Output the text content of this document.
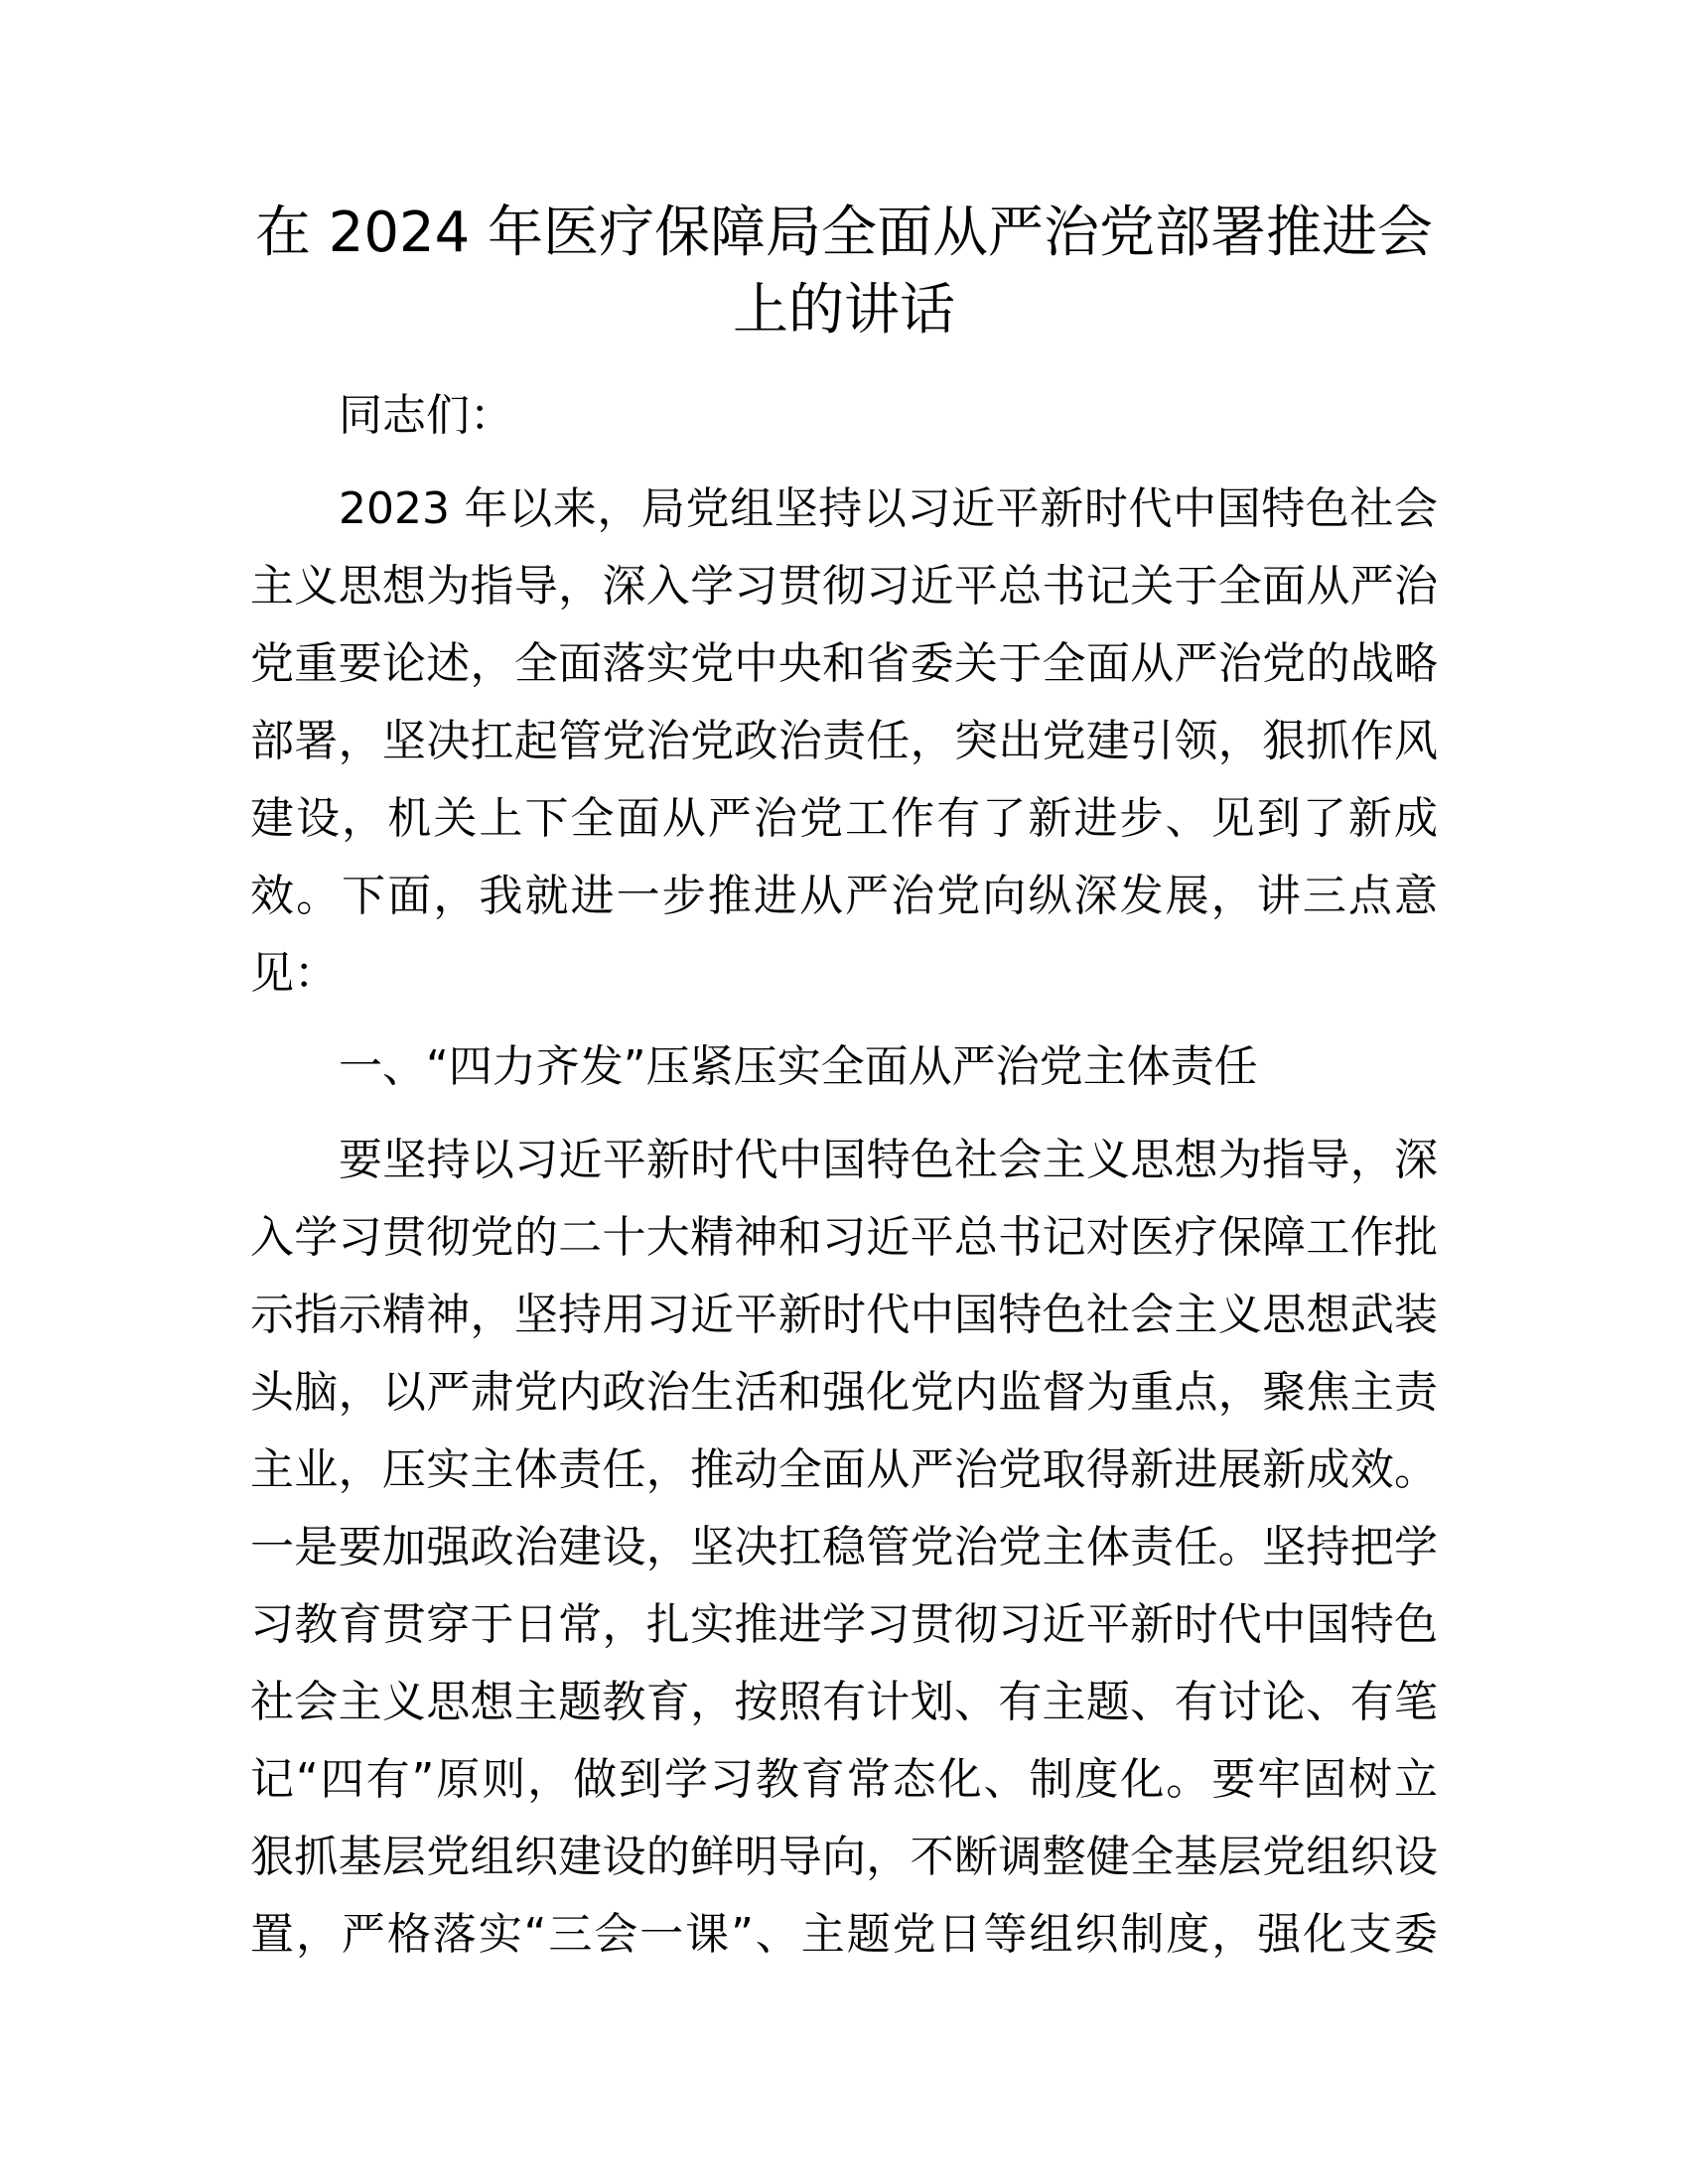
在 2024 年医疗保障局全面从严治党部署推进会
上的讲话

同志们：

2023 年以来，局党组坚持以习近平新时代中国特色社会
主义思想为指导，深入学习贯彻习近平总书记关于全面从严治
党重要论述，全面落实党中央和省委关于全面从严治党的战略
部署，坚决扛起管党治党政治责任，突出党建引领，狠抓作风
建设，机关上下全面从严治党工作有了新进步、见到了新成
效。下面，我就进一步推进从严治党向纵深发展，讲三点意
见：

一、“四力齐发”压紧压实全面从严治党主体责任

要坚持以习近平新时代中国特色社会主义思想为指导，深
入学习贯彻党的二十大精神和习近平总书记对医疗保障工作批
示指示精神，坚持用习近平新时代中国特色社会主义思想武装
头脑，以严肃党内政治生活和强化党内监督为重点，聚焦主责
主业，压实主体责任，推动全面从严治党取得新进展新成效。
一是要加强政治建设，坚决扛稳管党治党主体责任。坚持把学
习教育贯穿于日常，扎实推进学习贯彻习近平新时代中国特色
社会主义思想主题教育，按照有计划、有主题、有讨论、有笔
记“四有”原则，做到学习教育常态化、制度化。要牢固树立
狠抓基层党组织建设的鲜明导向，不断调整健全基层党组织设
置，严格落实“三会一课”、主题党日等组织制度，强化支委
